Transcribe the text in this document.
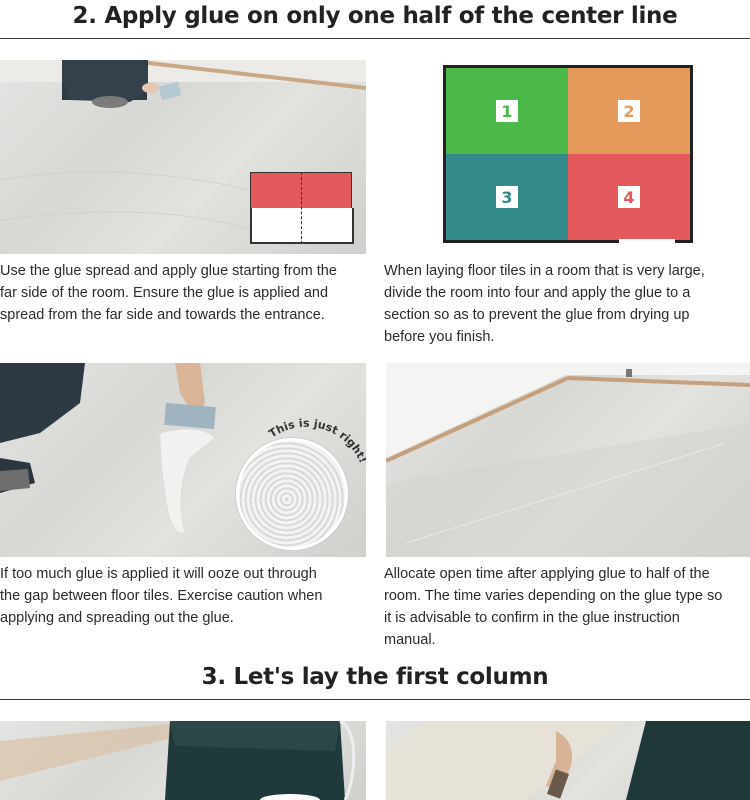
2. Apply glue on only one half of the center line
1	2
3	4
Use the glue spread and apply glue starting from the
far side of the room. Ensure the glue is applied and
spread from the far side and towards the entrance.
When laying floor tiles in a room that is very large,
divide the room into four and apply the glue to a
section so as to prevent the glue from drying up
before you finish.
This is just right!
If too much glue is applied it will ooze out through
the gap between floor tiles. Exercise caution when
applying and spreading out the glue.
Allocate open time after applying glue to half of the
room. The time varies depending on the glue type so
it is advisable to confirm in the glue instruction
manual.
3. Let's lay the first column
